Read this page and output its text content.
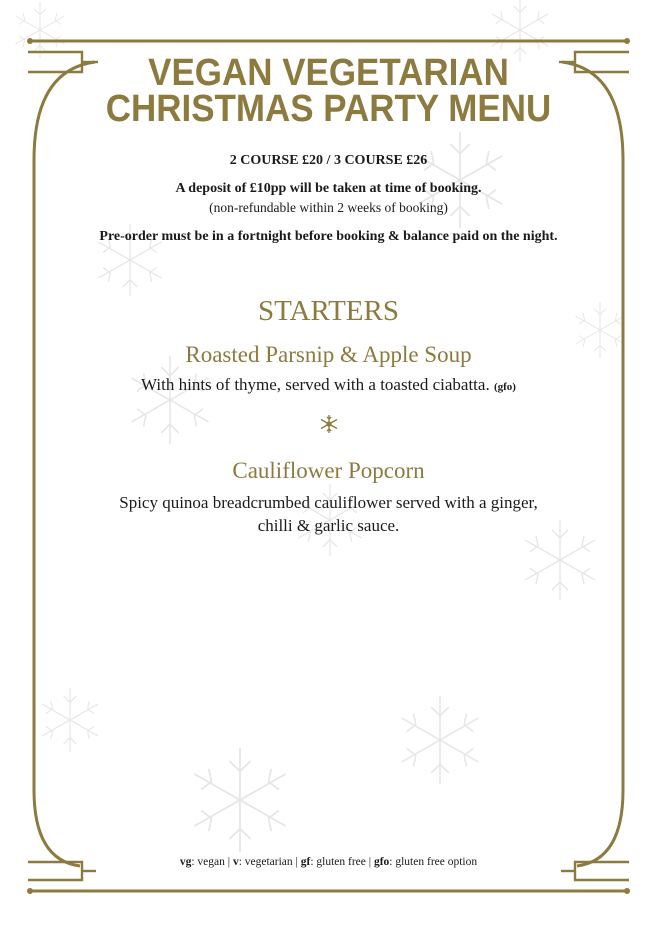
VEGAN VEGETARIAN
CHRISTMAS PARTY MENU
2 COURSE £20 / 3 COURSE £26
A deposit of £10pp will be taken at time of booking.
(non-refundable within 2 weeks of booking)
Pre-order must be in a fortnight before booking & balance paid on the night.
STARTERS
Roasted Parsnip & Apple Soup
With hints of thyme, served with a toasted ciabatta. (gfo)
Cauliflower Popcorn
Spicy quinoa breadcrumbed cauliflower served with a ginger,
chilli & garlic sauce.
vg: vegan | v: vegetarian | gf: gluten free | gfo: gluten free option
